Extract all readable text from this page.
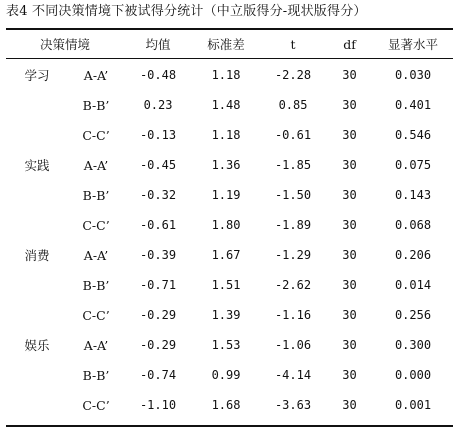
表4 不同决策情境下被试得分统计（中立版得分-现状版得分）
决策情境		均值	标准差	t	df	显著水平
学习	A-A’	-0.48	1.18	-2.28	30	0.030
	B-B’	0.23	1.48	0.85	30	0.401
	C-C’	-0.13	1.18	-0.61	30	0.546
实践	A-A’	-0.45	1.36	-1.85	30	0.075
	B-B’	-0.32	1.19	-1.50	30	0.143
	C-C’	-0.61	1.80	-1.89	30	0.068
消费	A-A’	-0.39	1.67	-1.29	30	0.206
	B-B’	-0.71	1.51	-2.62	30	0.014
	C-C’	-0.29	1.39	-1.16	30	0.256
娱乐	A-A’	-0.29	1.53	-1.06	30	0.300
	B-B’	-0.74	0.99	-4.14	30	0.000
	C-C’	-1.10	1.68	-3.63	30	0.001
